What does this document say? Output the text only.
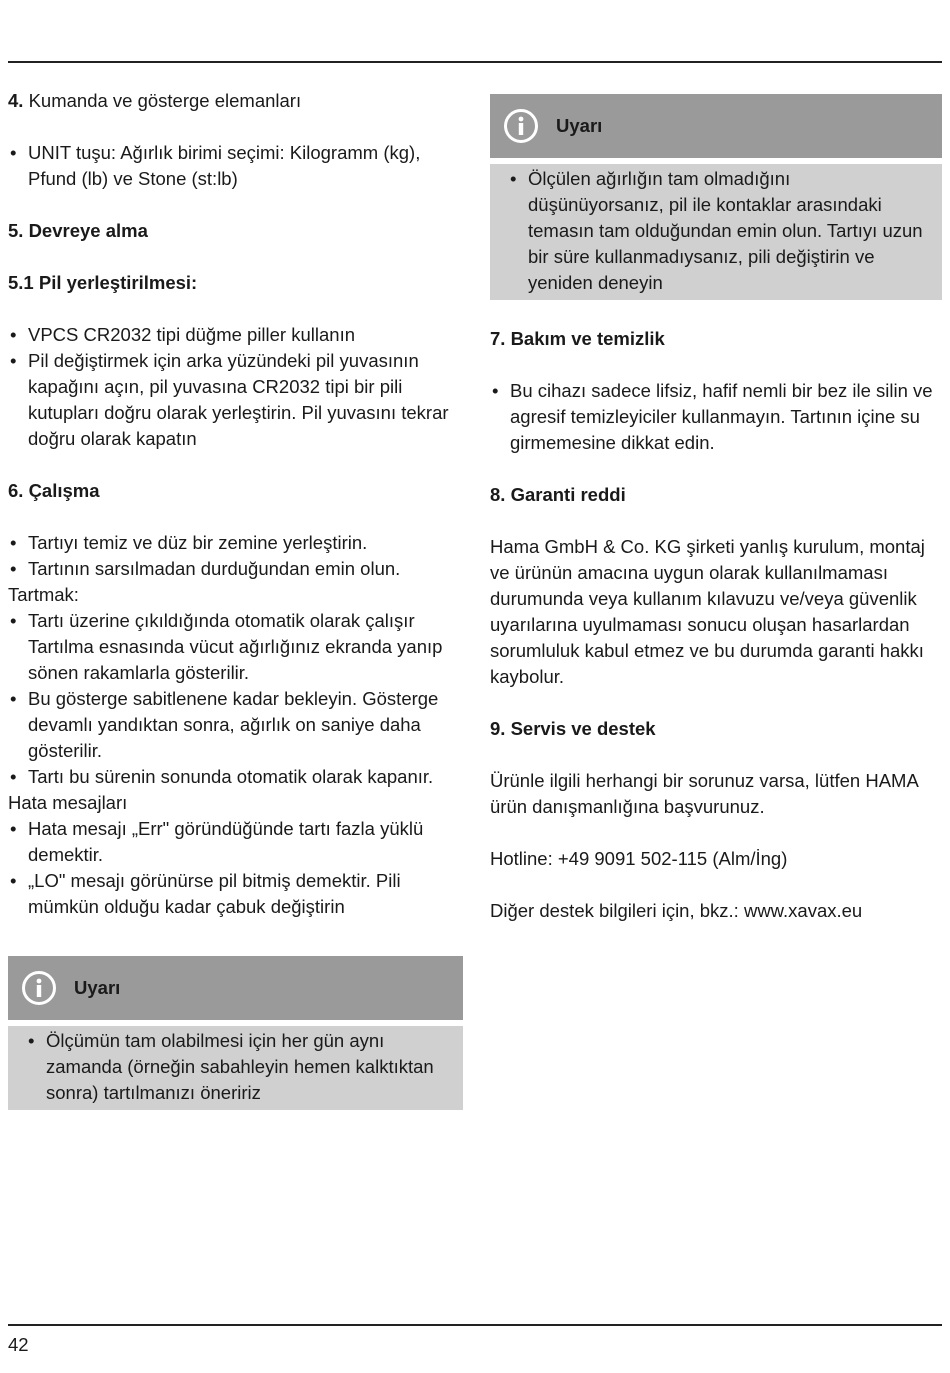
4. Kumanda ve gösterge elemanları

• UNIT tuşu: Ağırlık birimi seçimi: Kilogramm (kg), Pfund (lb) ve Stone (st:lb)
5. Devreye alma
5.1 Pil yerleştirilmesi:
• VPCS CR2032 tipi düğme piller kullanın
• Pil değiştirmek için arka yüzündeki pil yuvasının kapağını açın, pil yuvasına CR2032 tipi bir pili kutupları doğru olarak yerleştirin. Pil yuvasını tekrar doğru olarak kapatın
6. Çalışma
• Tartıyı temiz ve düz bir zemine yerleştirin.
• Tartının sarsılmadan durduğundan emin olun.

Tartmak:

• Tartı üzerine çıkıldığında otomatik olarak çalışır Tartılma esnasında vücut ağırlığınız ekranda yanıp sönen rakamlarla gösterilir.
• Bu gösterge sabitlenene kadar bekleyin. Gösterge devamlı yandıktan sonra, ağırlık on saniye daha gösterilir.
• Tartı bu sürenin sonunda otomatik olarak kapanır.

Hata mesajları

• Hata mesajı „Err" göründüğünde tartı fazla yüklü demektir.
• „LO" mesajı görünürse pil bitmiş demektir. Pili mümkün olduğu kadar çabuk değiştirin
Uyarı
• Ölçümün tam olabilmesi için her gün aynı zamanda (örneğin sabahleyin hemen kalktıktan sonra) tartılmanızı öneririz
Uyarı
• Ölçülen ağırlığın tam olmadığını düşünüyorsanız, pil ile kontaklar arasındaki temasın tam olduğundan emin olun. Tartıyı uzun bir süre kullanmadıysanız, pili değiştirin ve yeniden deneyin
7. Bakım ve temizlik
• Bu cihazı sadece lifsiz, hafif nemli bir bez ile silin ve agresif temizleyiciler kullanmayın. Tartının içine su girmemesine dikkat edin.
8. Garanti reddi

Hama GmbH & Co. KG şirketi yanlış kurulum, montaj ve ürünün amacına uygun olarak kullanılmaması durumunda veya kullanım kılavuzu ve/veya güvenlik uyarılarına uyulmaması sonucu oluşan hasarlardan sorumluluk kabul etmez ve bu durumda garanti hakkı kaybolur.

9. Servis ve destek

Ürünle ilgili herhangi bir sorunuz varsa, lütfen HAMA ürün danışmanlığına başvurunuz.

Hotline: +49 9091 502-115 (Alm/İng)

Diğer destek bilgileri için, bkz.: www.xavax.eu

42
